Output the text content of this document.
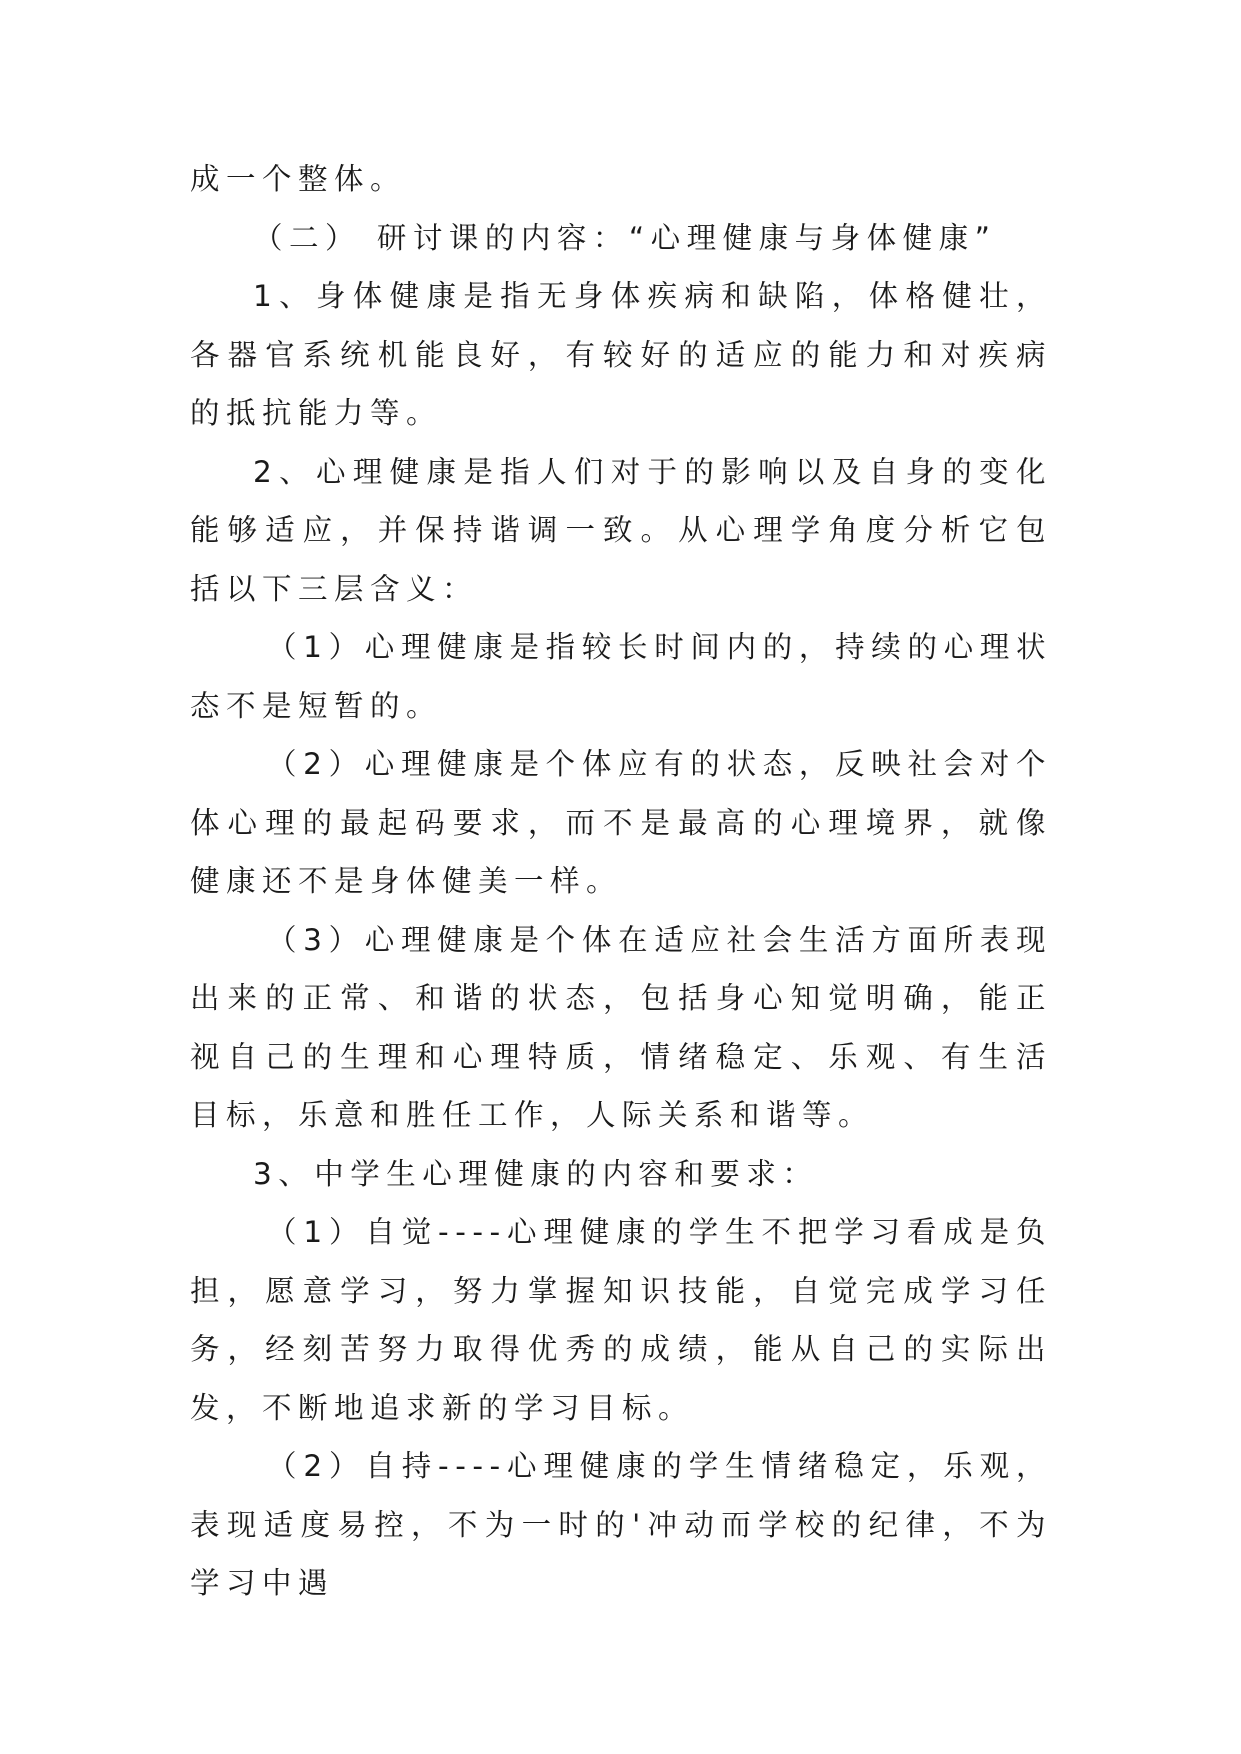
成一个整体。

（二） 研讨课的内容：“心理健康与身体健康”

1、身体健康是指无身体疾病和缺陷，体格健壮，各器官系统机能良好，有较好的适应的能力和对疾病的抵抗能力等。

2、心理健康是指人们对于的影响以及自身的变化能够适应，并保持谐调一致。从心理学角度分析它包括以下三层含义：

（1）心理健康是指较长时间内的，持续的心理状态不是短暂的。

（2）心理健康是个体应有的状态，反映社会对个体心理的最起码要求，而不是最高的心理境界，就像健康还不是身体健美一样。

（3）心理健康是个体在适应社会生活方面所表现出来的正常、和谐的状态，包括身心知觉明确，能正视自己的生理和心理特质，情绪稳定、乐观、有生活目标，乐意和胜任工作，人际关系和谐等。

3、中学生心理健康的内容和要求：

（1）自觉----心理健康的学生不把学习看成是负担，愿意学习，努力掌握知识技能，自觉完成学习任务，经刻苦努力取得优秀的成绩，能从自己的实际出发，不断地追求新的学习目标。

（2）自持----心理健康的学生情绪稳定，乐观，表现适度易控，不为一时的'冲动而学校的纪律，不为学习中遇
